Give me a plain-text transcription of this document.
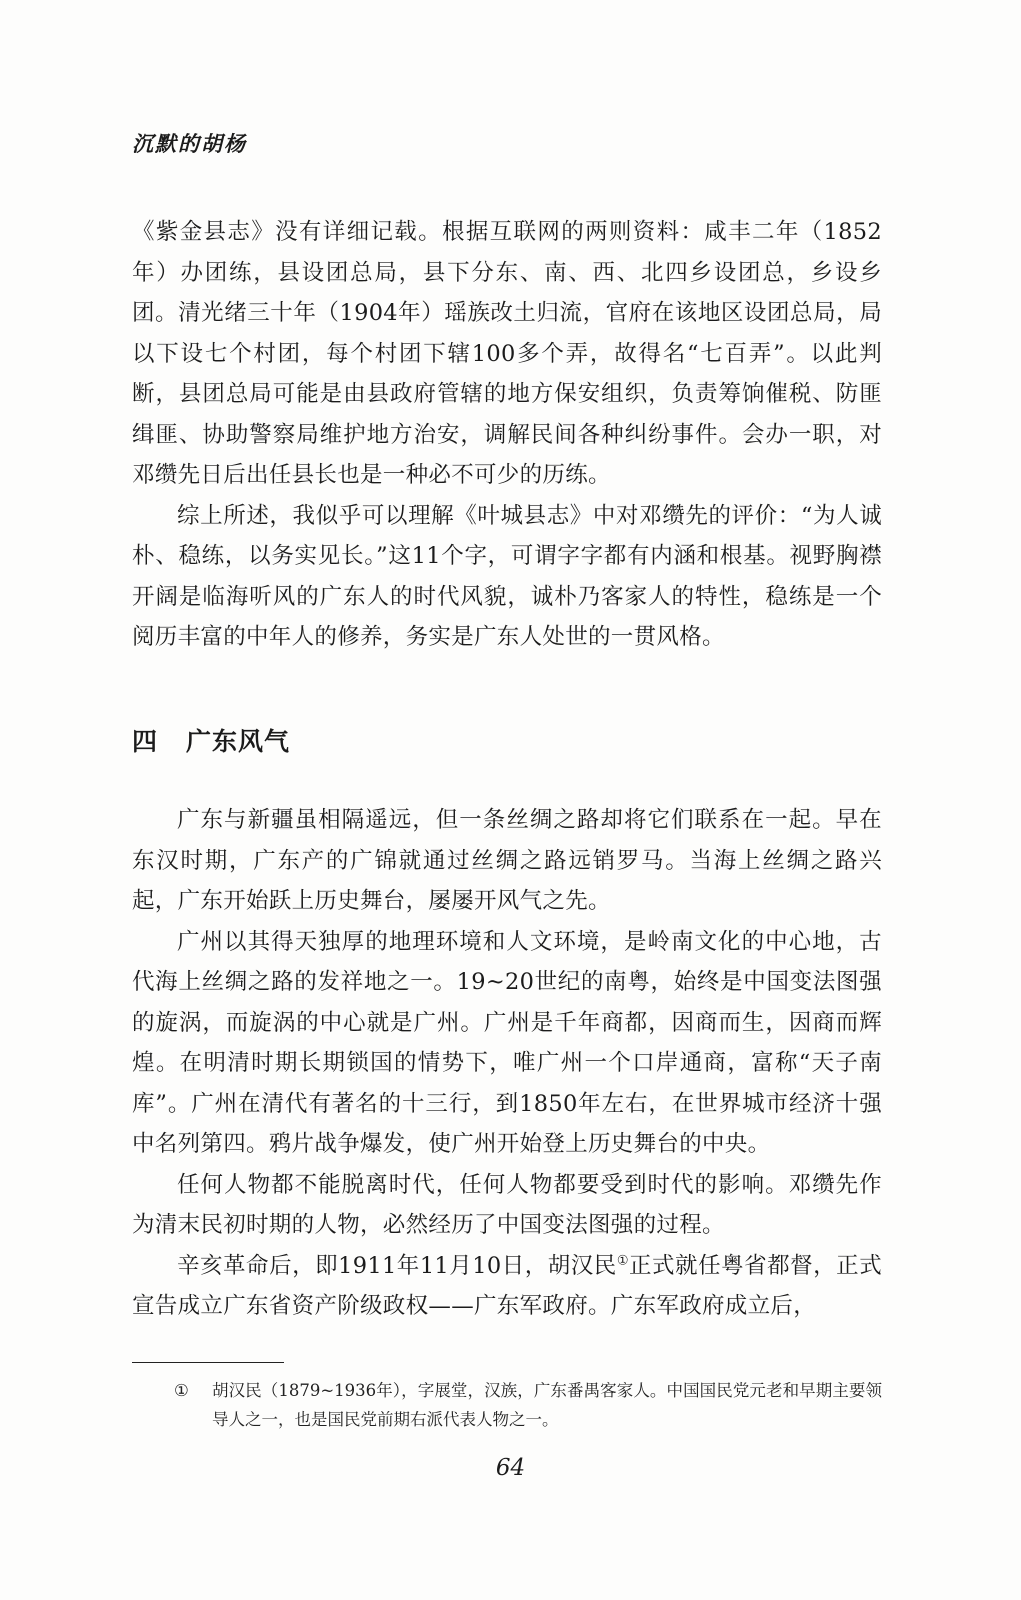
沉默的胡杨

《紫金县志》没有详细记载。根据互联网的两则资料：咸丰二年（1852年）办团练，县设团总局，县下分东、南、西、北四乡设团总，乡设乡团。清光绪三十年（1904年）瑶族改土归流，官府在该地区设团总局，局以下设七个村团，每个村团下辖100多个弄，故得名“七百弄”。以此判断，县团总局可能是由县政府管辖的地方保安组织，负责筹饷催税、防匪缉匪、协助警察局维护地方治安，调解民间各种纠纷事件。会办一职，对邓缵先日后出任县长也是一种必不可少的历练。

综上所述，我似乎可以理解《叶城县志》中对邓缵先的评价：“为人诚朴、稳练，以务实见长。”这11个字，可谓字字都有内涵和根基。视野胸襟开阔是临海听风的广东人的时代风貌，诚朴乃客家人的特性，稳练是一个阅历丰富的中年人的修养，务实是广东人处世的一贯风格。

四 广东风气

广东与新疆虽相隔遥远，但一条丝绸之路却将它们联系在一起。早在东汉时期，广东产的广锦就通过丝绸之路远销罗马。当海上丝绸之路兴起，广东开始跃上历史舞台，屡屡开风气之先。

广州以其得天独厚的地理环境和人文环境，是岭南文化的中心地，古代海上丝绸之路的发祥地之一。19~20世纪的南粤，始终是中国变法图强的旋涡，而旋涡的中心就是广州。广州是千年商都，因商而生，因商而辉煌。在明清时期长期锁国的情势下，唯广州一个口岸通商，富称“天子南库”。广州在清代有著名的十三行，到1850年左右，在世界城市经济十强中名列第四。鸦片战争爆发，使广州开始登上历史舞台的中央。

任何人物都不能脱离时代，任何人物都要受到时代的影响。邓缵先作为清末民初时期的人物，必然经历了中国变法图强的过程。

辛亥革命后，即1911年11月10日，胡汉民①正式就任粤省都督，正式宣告成立广东省资产阶级政权——广东军政府。广东军政府成立后，

①	胡汉民（1879~1936年），字展堂，汉族，广东番禺客家人。中国国民党元老和早期主要领导人之一，也是国民党前期右派代表人物之一。
64
